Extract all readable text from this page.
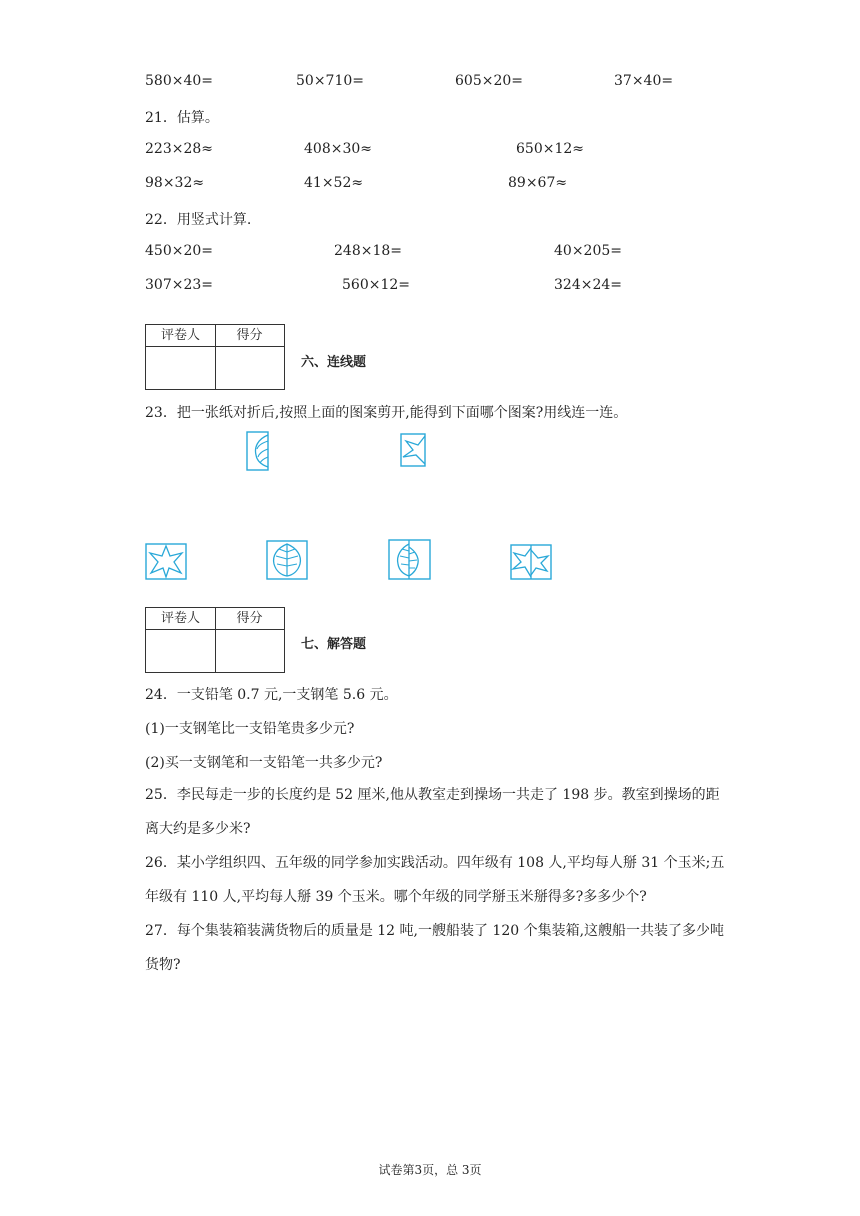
580×40=	50×710=	605×20=	37×40=
21．估算。
223×28≈	408×30≈	650×12≈
98×32≈	41×52≈	89×67≈
22．用竖式计算.
450×20=	248×18=	40×205=
307×23=	560×12=	324×24=
评卷人	得分
六、连线题
23．把一张纸对折后,按照上面的图案剪开,能得到下面哪个图案?用线连一连。
评卷人	得分
七、解答题
24．一支铅笔 0.7 元,一支钢笔 5.6 元。
(1)一支钢笔比一支铅笔贵多少元?
(2)买一支钢笔和一支铅笔一共多少元?
25．李民每走一步的长度约是 52 厘米,他从教室走到操场一共走了 198 步。教室到操场的距离大约是多少米?
26．某小学组织四、五年级的同学参加实践活动。四年级有 108 人,平均每人掰 31 个玉米;五年级有 110 人,平均每人掰 39 个玉米。哪个年级的同学掰玉米掰得多?多多少个?
27．每个集装箱装满货物后的质量是 12 吨,一艘船装了 120 个集装箱,这艘船一共装了多少吨货物?
试卷第3页，总 3页
